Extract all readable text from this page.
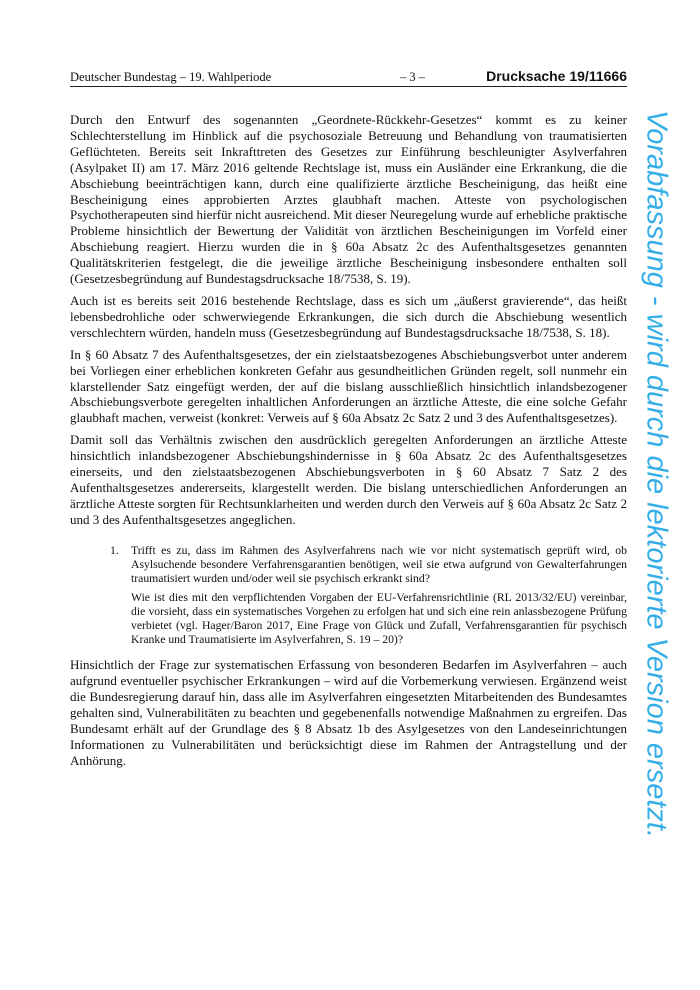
Deutscher Bundestag – 19. Wahlperiode	– 3 –	Drucksache 19/11666

Durch den Entwurf des sogenannten „Geordnete-Rückkehr-Gesetzes“ kommt es zu keiner Schlechterstellung im Hinblick auf die psychosoziale Betreuung und Behandlung von traumatisierten Geflüchteten. Bereits seit Inkrafttreten des Gesetzes zur Einführung beschleunigter Asylverfahren (Asylpaket II) am 17. März 2016 geltende Rechtslage ist, muss ein Ausländer eine Erkrankung, die die Abschiebung beeinträchtigen kann, durch eine qualifizierte ärztliche Bescheinigung, das heißt eine Bescheinigung eines approbierten Arztes glaubhaft machen. Atteste von psychologischen Psychotherapeuten sind hierfür nicht ausreichend. Mit dieser Neuregelung wurde auf erhebliche praktische Probleme hinsichtlich der Bewertung der Validität von ärztlichen Bescheinigungen im Vorfeld einer Abschiebung reagiert. Hierzu wurden die in § 60a Absatz 2c des Aufenthaltsgesetzes genannten Qualitätskriterien festgelegt, die die jeweilige ärztliche Bescheinigung insbesondere enthalten soll (Gesetzesbegründung auf Bundestagsdrucksache 18/7538, S. 19).

Auch ist es bereits seit 2016 bestehende Rechtslage, dass es sich um „äußerst gravierende“, das heißt lebensbedrohliche oder schwerwiegende Erkrankungen, die sich durch die Abschiebung wesentlich verschlechtern würden, handeln muss (Gesetzesbegründung auf Bundestagsdrucksache 18/7538, S. 18).

In § 60 Absatz 7 des Aufenthaltsgesetzes, der ein zielstaatsbezogenes Abschiebungsverbot unter anderem bei Vorliegen einer erheblichen konkreten Gefahr aus gesundheitlichen Gründen regelt, soll nunmehr ein klarstellender Satz eingefügt werden, der auf die bislang ausschließlich hinsichtlich inlandsbezogener Abschiebungsverbote geregelten inhaltlichen Anforderungen an ärztliche Atteste, die eine solche Gefahr glaubhaft machen, verweist (konkret: Verweis auf § 60a Absatz 2c Satz 2 und 3 des Aufenthaltsgesetzes).

Damit soll das Verhältnis zwischen den ausdrücklich geregelten Anforderungen an ärztliche Atteste hinsichtlich inlandsbezogener Abschiebungshindernisse in § 60a Absatz 2c des Aufenthaltsgesetzes einerseits, und den zielstaatsbezogenen Abschiebungsverboten in § 60 Absatz 7 Satz 2 des Aufenthaltsgesetzes andererseits, klargestellt werden. Die bislang unterschiedlichen Anforderungen an ärztliche Atteste sorgten für Rechtsunklarheiten und werden durch den Verweis auf § 60a Absatz 2c Satz 2 und 3 des Aufenthaltsgesetzes angeglichen.

1. Trifft es zu, dass im Rahmen des Asylverfahrens nach wie vor nicht systematisch geprüft wird, ob Asylsuchende besondere Verfahrensgarantien benötigen, weil sie etwa aufgrund von Gewalterfahrungen traumatisiert wurden und/oder weil sie psychisch erkrankt sind?

Wie ist dies mit den verpflichtenden Vorgaben der EU-Verfahrensrichtlinie (RL 2013/32/EU) vereinbar, die vorsieht, dass ein systematisches Vorgehen zu erfolgen hat und sich eine rein anlassbezogene Prüfung verbietet (vgl. Hager/Baron 2017, Eine Frage von Glück und Zufall, Verfahrensgarantien für psychisch Kranke und Traumatisierte im Asylverfahren, S. 19 – 20)?

Hinsichtlich der Frage zur systematischen Erfassung von besonderen Bedarfen im Asylverfahren – auch aufgrund eventueller psychischer Erkrankungen – wird auf die Vorbemerkung verwiesen. Ergänzend weist die Bundesregierung darauf hin, dass alle im Asylverfahren eingesetzten Mitarbeitenden des Bundesamtes gehalten sind, Vulnerabilitäten zu beachten und gegebenenfalls notwendige Maßnahmen zu ergreifen. Das Bundesamt erhält auf der Grundlage des § 8 Absatz 1b des Asylgesetzes von den Landeseinrichtungen Informationen zu Vulnerabilitäten und berücksichtigt diese im Rahmen der Antragstellung und der Anhörung.	Vorabfassung - wird durch die lektorierte Version ersetzt.
